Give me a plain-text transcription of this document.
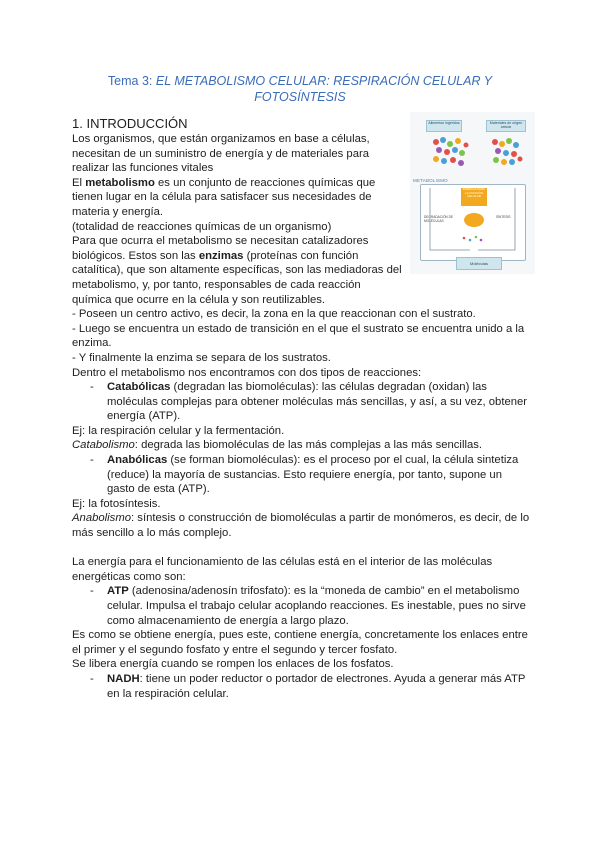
Tema 3: EL METABOLISMO CELULAR: RESPIRACIÓN CELULAR Y
FOTOSÍNTESIS
1. INTRODUCCIÓN	Alimentos ingeridos	Materiales de origen celular
METABOLISMO
ENERGÍA PARA LA FUNCIÓN CELULAR
DEGRADACIÓN DE MOLÉCULAS
SÍNTESIS
Moléculas

Los organismos, que están organizamos en base a células, necesitan de un suministro de energía y de materiales para realizar las funciones vitales

El metabolismo es un conjunto de reacciones químicas que tienen lugar en la célula para satisfacer sus necesidades de materia y energía.

(totalidad de reacciones químicas de un organismo)

Para que ocurra el metabolismo se necesitan catalizadores biológicos. Estos son las enzimas (proteínas con función catalítica), que son altamente específicas, son las mediadoras del metabolismo, y, por tanto, responsables de cada reacción química que ocurre en la célula y son reutilizables.

- Poseen un centro activo, es decir, la zona en la que reaccionan con el sustrato.

- Luego se encuentra un estado de transición en el que el sustrato se encuentra unido a la enzima.

- Y finalmente la enzima se separa de los sustratos.

Dentro el metabolismo nos encontramos con dos tipos de reacciones:

- Catabólicas (degradan las biomoléculas): las células degradan (oxidan) las moléculas complejas para obtener moléculas más sencillas, y así, a su vez, obtener energía (ATP).

Ej: la respiración celular y la fermentación.

Catabolismo: degrada las biomoléculas de las más complejas a las más sencillas.

- Anabólicas (se forman biomoléculas): es el proceso por el cual, la célula sintetiza (reduce) la mayoría de sustancias. Esto requiere energía, por tanto, supone un gasto de esta (ATP).

Ej: la fotosíntesis.

Anabolismo: síntesis o construcción de biomoléculas a partir de monómeros, es decir, de lo más sencillo a lo más complejo.

La energía para el funcionamiento de las células está en el interior de las moléculas energéticas como son:

- ATP (adenosina/adenosín trifosfato): es la “moneda de cambio” en el metabolismo celular. Impulsa el trabajo celular acoplando reacciones. Es inestable, pues no sirve como almacenamiento de energía a largo plazo.

Es como se obtiene energía, pues este, contiene energía, concretamente los enlaces entre el primer y el segundo fosfato y entre el segundo y tercer fosfato.

Se libera energía cuando se rompen los enlaces de los fosfatos.

- NADH: tiene un poder reductor o portador de electrones. Ayuda a generar más ATP en la respiración celular.
